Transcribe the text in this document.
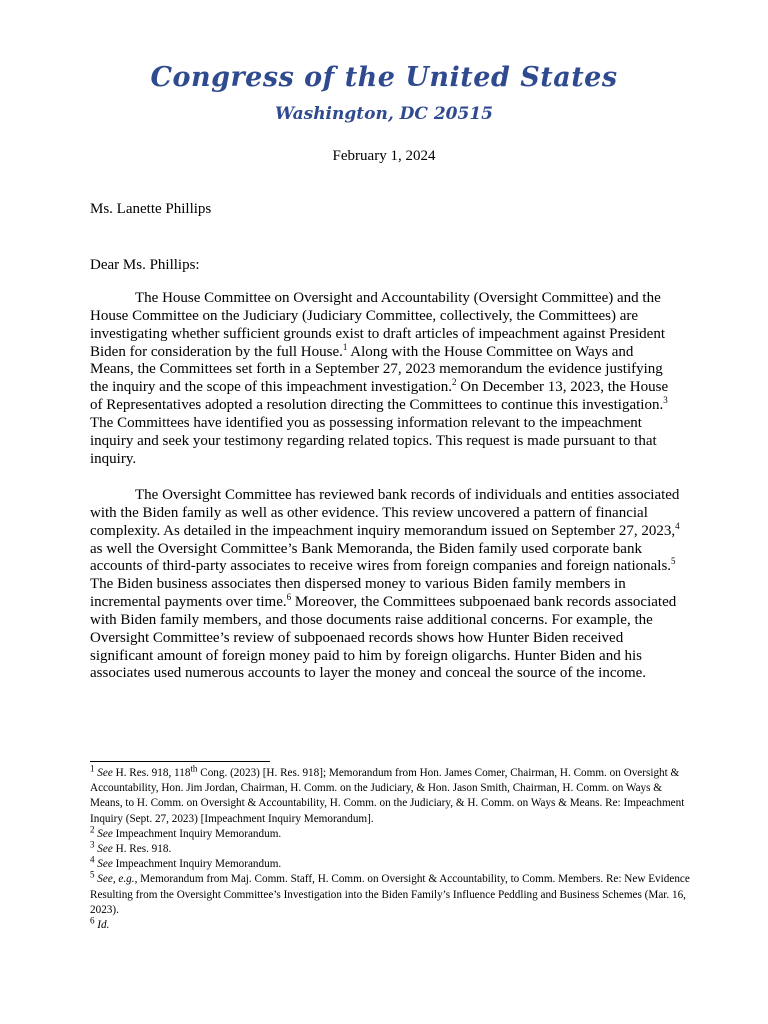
Congress of the United States
Washington, DC 20515
February 1, 2024
Ms. Lanette Phillips
Dear Ms. Phillips:

The House Committee on Oversight and Accountability (Oversight Committee) and the House Committee on the Judiciary (Judiciary Committee, collectively, the Committees) are investigating whether sufficient grounds exist to draft articles of impeachment against President Biden for consideration by the full House.$^1$ Along with the House Committee on Ways and Means, the Committees set forth in a September 27, 2023 memorandum the evidence justifying the inquiry and the scope of this impeachment investigation.$^2$ On December 13, 2023, the House of Representatives adopted a resolution directing the Committees to continue this investigation.$^3$ The Committees have identified you as possessing information relevant to the impeachment inquiry and seek your testimony regarding related topics. This request is made pursuant to that inquiry.

The Oversight Committee has reviewed bank records of individuals and entities associated with the Biden family as well as other evidence. This review uncovered a pattern of financial complexity. As detailed in the impeachment inquiry memorandum issued on September 27, 2023,$^4$ as well the Oversight Committee’s Bank Memoranda, the Biden family used corporate bank accounts of third-party associates to receive wires from foreign companies and foreign nationals.$^5$ The Biden business associates then dispersed money to various Biden family members in incremental payments over time.$^6$ Moreover, the Committees subpoenaed bank records associated with Biden family members, and those documents raise additional concerns. For example, the Oversight Committee’s review of subpoenaed records shows how Hunter Biden received significant amount of foreign money paid to him by foreign oligarchs. Hunter Biden and his associates used numerous accounts to layer the money and conceal the source of the income.

$^1$ See H. Res. 918, 118th Cong. (2023) [H. Res. 918]; Memorandum from Hon. James Comer, Chairman, H. Comm. on Oversight & Accountability, Hon. Jim Jordan, Chairman, H. Comm. on the Judiciary, & Hon. Jason Smith, Chairman, H. Comm. on Ways & Means, to H. Comm. on Oversight & Accountability, H. Comm. on the Judiciary, & H. Comm. on Ways & Means. Re: Impeachment Inquiry (Sept. 27, 2023) [Impeachment Inquiry Memorandum].
$^2$ See Impeachment Inquiry Memorandum.
$^3$ See H. Res. 918.
$^4$ See Impeachment Inquiry Memorandum.
$^5$ See, e.g., Memorandum from Maj. Comm. Staff, H. Comm. on Oversight & Accountability, to Comm. Members. Re: New Evidence Resulting from the Oversight Committee’s Investigation into the Biden Family’s Influence Peddling and Business Schemes (Mar. 16, 2023).
$^6$ Id.
